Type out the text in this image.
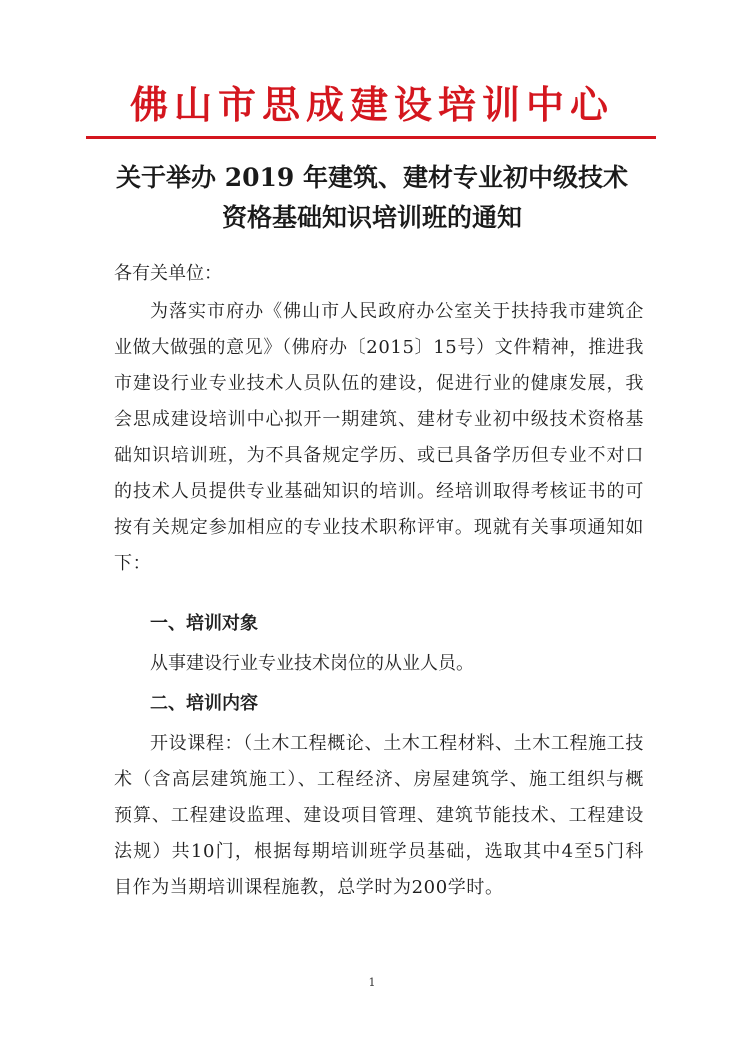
佛山市思成建设培训中心
关于举办 2019 年建筑、建材专业初中级技术
资格基础知识培训班的通知
各有关单位：
为落实市府办《佛山市人民政府办公室关于扶持我市建筑企业做大做强的意见》（佛府办〔2015〕15号）文件精神，推进我市建设行业专业技术人员队伍的建设，促进行业的健康发展，我会思成建设培训中心拟开一期建筑、建材专业初中级技术资格基础知识培训班，为不具备规定学历、或已具备学历但专业不对口的技术人员提供专业基础知识的培训。经培训取得考核证书的可按有关规定参加相应的专业技术职称评审。现就有关事项通知如下：
一、培训对象
从事建设行业专业技术岗位的从业人员。
二、培训内容
开设课程：（土木工程概论、土木工程材料、土木工程施工技术（含高层建筑施工）、工程经济、房屋建筑学、施工组织与概预算、工程建设监理、建设项目管理、建筑节能技术、工程建设法规）共10门，根据每期培训班学员基础，选取其中4至5门科目作为当期培训课程施教，总学时为200学时。
1
